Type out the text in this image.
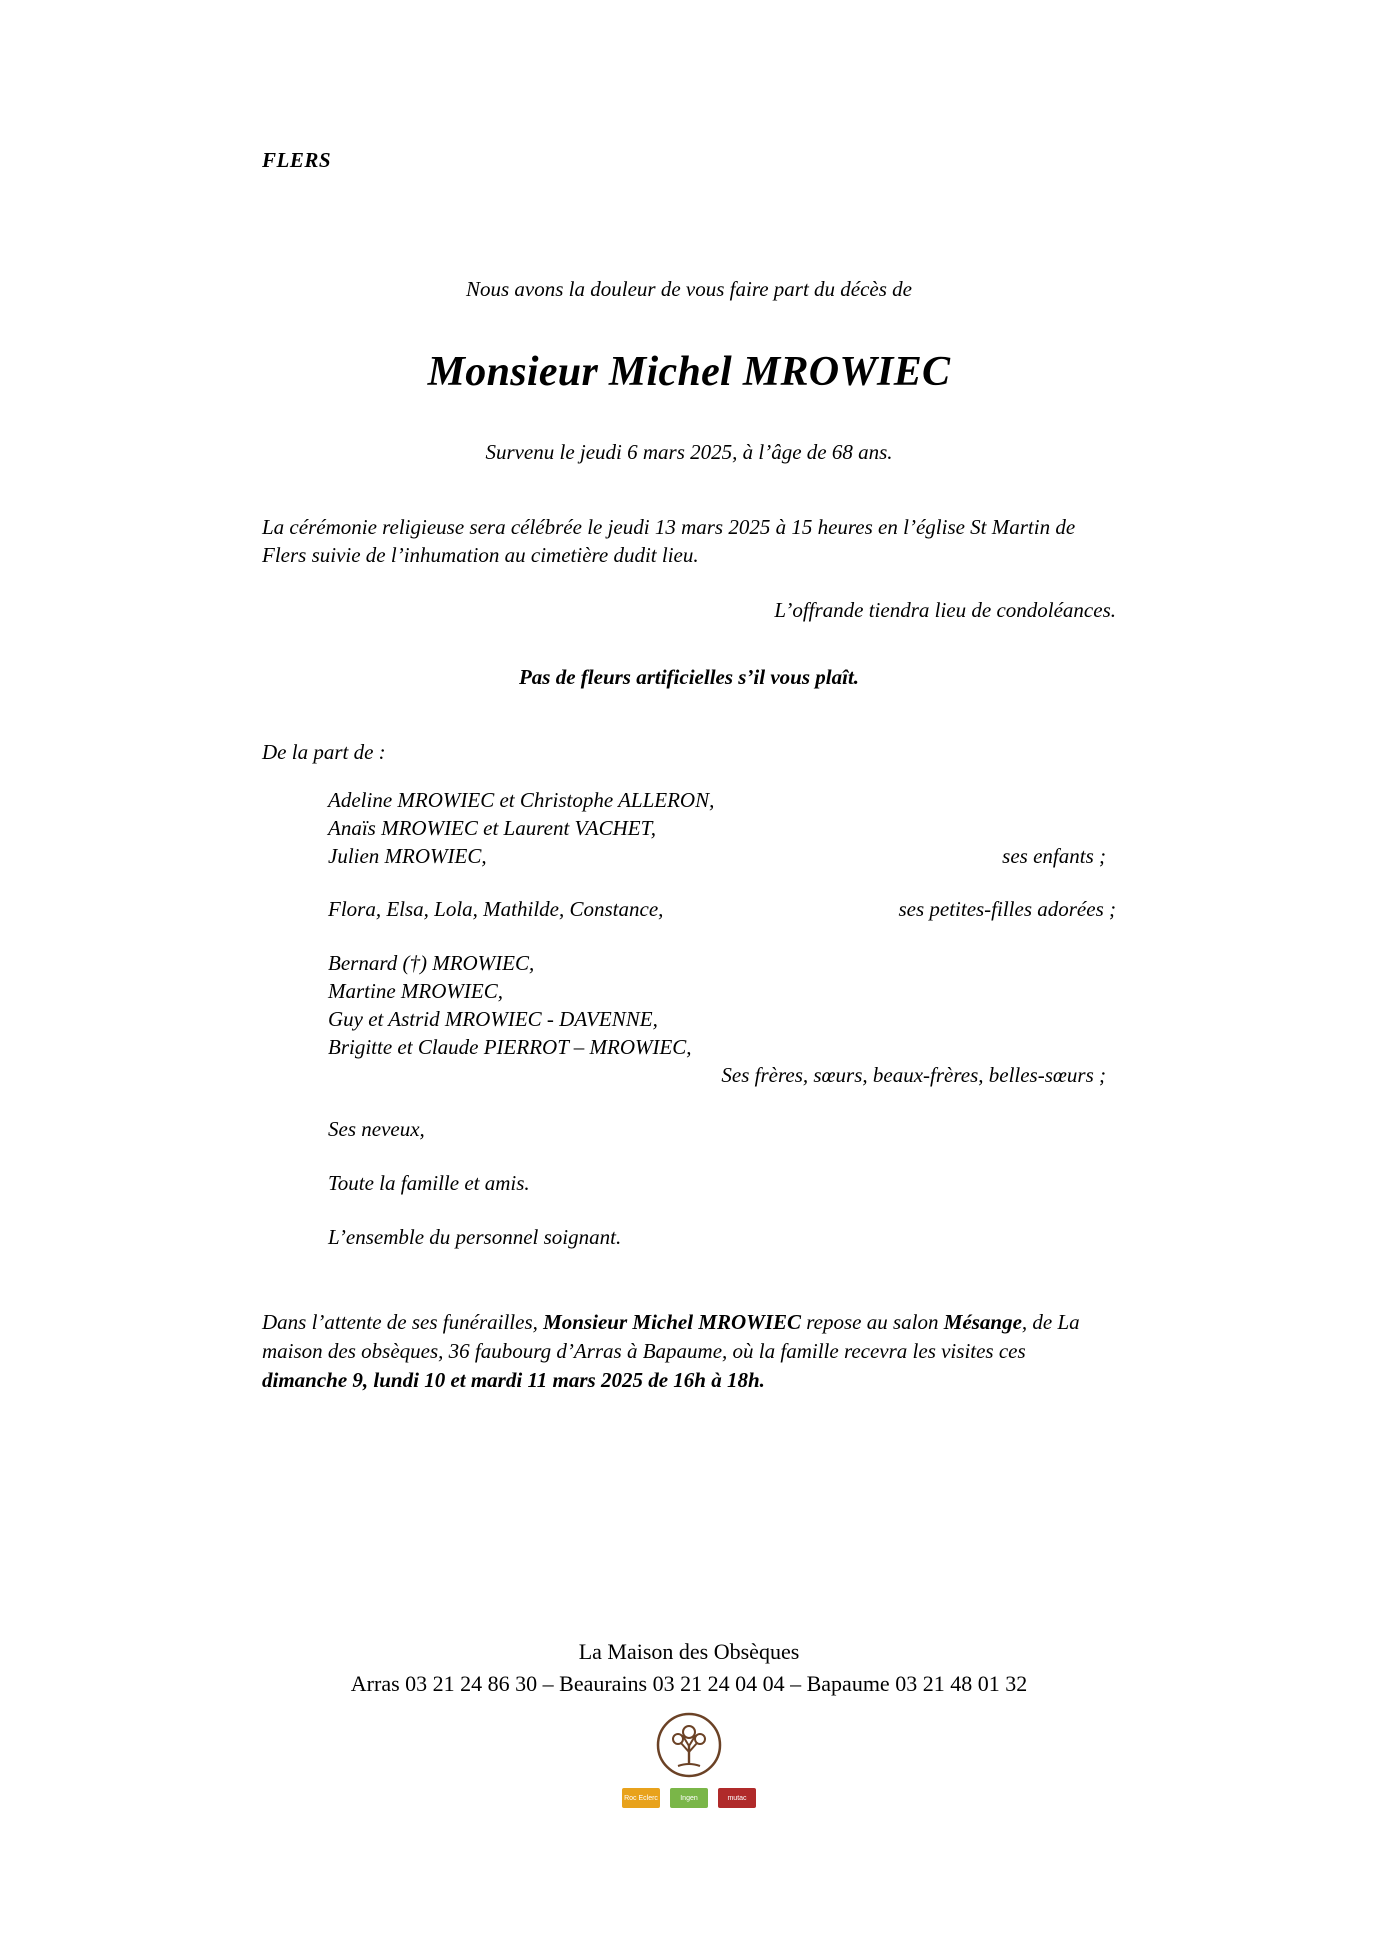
FLERS
Nous avons la douleur de vous faire part du décès de
Monsieur Michel MROWIEC
Survenu le jeudi 6 mars 2025, à l’âge de 68 ans.
La cérémonie religieuse sera célébrée le jeudi 13 mars 2025 à 15 heures en l’église St Martin de Flers suivie de l’inhumation au cimetière dudit lieu.
L’offrande tiendra lieu de condoléances.
Pas de fleurs artificielles s’il vous plaît.
De la part de :
Adeline MROWIEC et Christophe ALLERON,
Anaïs MROWIEC et Laurent VACHET,
Julien MROWIEC,	ses enfants ;
Flora, Elsa, Lola, Mathilde, Constance,	ses petites-filles adorées ;
Bernard (†) MROWIEC,
Martine MROWIEC,
Guy et Astrid MROWIEC - DAVENNE,
Brigitte et Claude PIERROT – MROWIEC,
Ses frères, sœurs, beaux-frères, belles-sœurs ;
Ses neveux,
Toute la famille et amis.
L’ensemble du personnel soignant.
Dans l’attente de ses funérailles, Monsieur Michel MROWIEC repose au salon Mésange, de La maison des obsèques, 36 faubourg d’Arras à Bapaume, où la famille recevra les visites ces dimanche 9, lundi 10 et mardi 11 mars 2025 de 16h à 18h.
La Maison des Obsèques
Arras 03 21 24 86 30 – Beaurains 03 21 24 04 04 – Bapaume 03 21 48 01 32
Roc Eclerc	Ingen	mutac
